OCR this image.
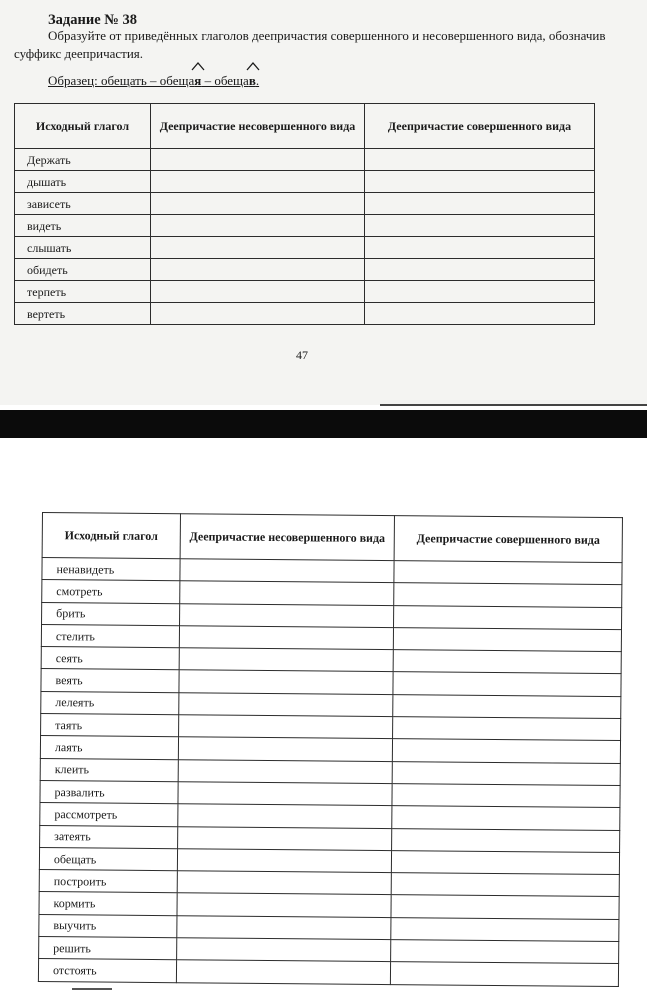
Задание № 38
Образуйте от приведённых глаголов деепричастия совершенного и несовершенного вида, обозначив суффикс деепричастия.
Образец: обещать – обеща
я – обеща
в.
Исходный глагол	Деепричастие несовершенного вида	Деепричастие совершенного вида
Держать		
дышать		
зависеть		
видеть		
слышать		
обидеть		
терпеть		
вертеть		
47
Исходный глагол	Деепричастие несовершенного вида	Деепричастие совершенного вида
ненавидеть		
смотреть		
брить		
стелить		
сеять		
веять		
лелеять		
таять		
лаять		
клеить		
развалить		
рассмотреть		
затеять		
обещать		
построить		
кормить		
выучить		
решить		
отстоять		
